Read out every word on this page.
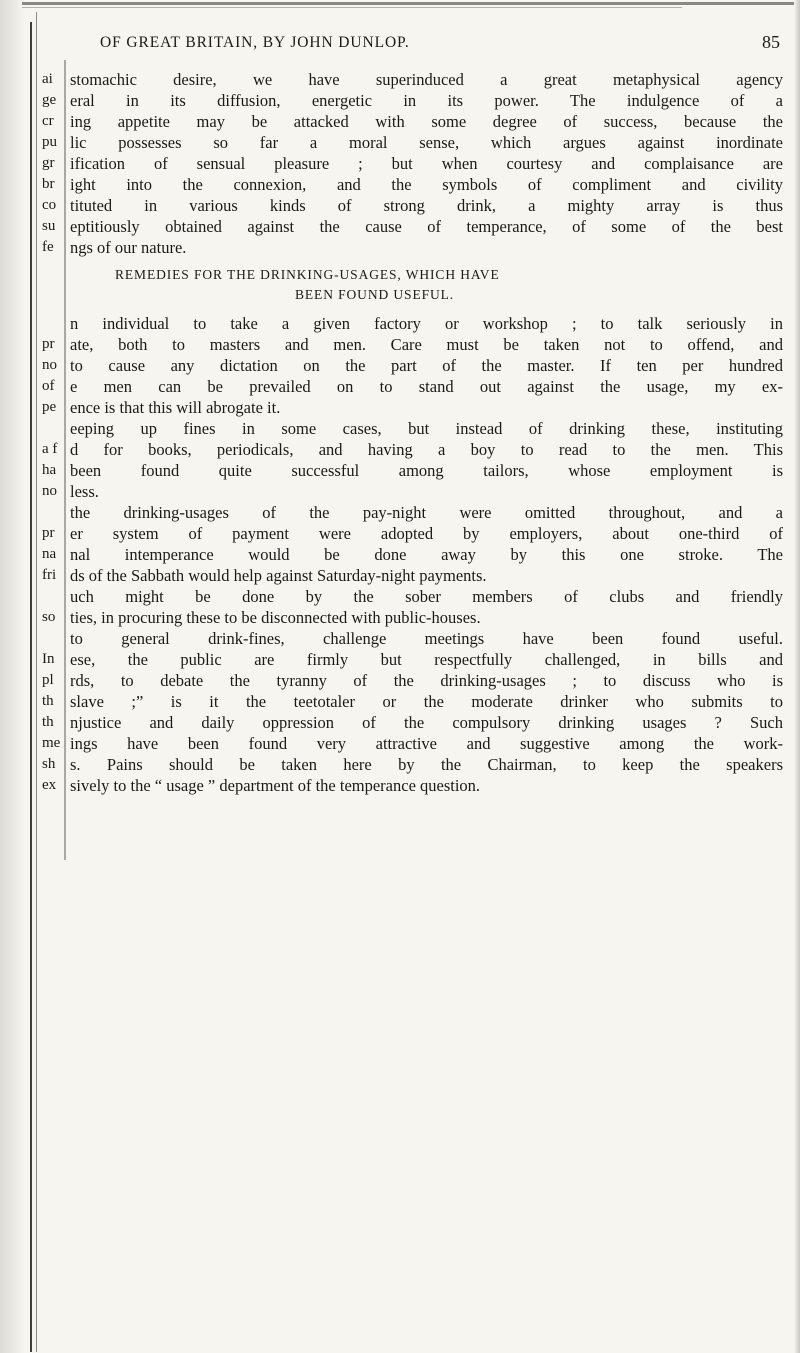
OF GREAT BRITAIN, BY JOHN DUNLOP.	85
ai
ge
cr
pu
gr
br
co
su
fe
pr
no
of
pe
a f
ha
no
pr
na
fri
so
In
pl
th
th
me
sh
ex
stomachic desire, we have superinduced a great metaphysical agency
eral in its diffusion, energetic in its power. The indulgence of a
ing appetite may be attacked with some degree of success, because the
lic possesses so far a moral sense, which argues against inordinate
ification of sensual pleasure ; but when courtesy and complaisance are
ight into the connexion, and the symbols of compliment and civility
tituted in various kinds of strong drink, a mighty array is thus
eptitiously obtained against the cause of temperance, of some of the best
ngs of our nature.
REMEDIES FOR THE DRINKING-USAGES, WHICH HAVE
BEEN FOUND USEFUL.
n individual to take a given factory or workshop ; to talk seriously in
ate, both to masters and men. Care must be taken not to offend, and
to cause any dictation on the part of the master. If ten per hundred
e men can be prevailed on to stand out against the usage, my ex-
ence is that this will abrogate it.
eeping up fines in some cases, but instead of drinking these, instituting
d for books, periodicals, and having a boy to read to the men. This
been found quite successful among tailors, whose employment is
less.
the drinking-usages of the pay-night were omitted throughout, and a
er system of payment were adopted by employers, about one-third of
nal intemperance would be done away by this one stroke. The
ds of the Sabbath would help against Saturday-night payments.
uch might be done by the sober members of clubs and friendly
ties, in procuring these to be disconnected with public-houses.
to general drink-fines, challenge meetings have been found useful.
ese, the public are firmly but respectfully challenged, in bills and
rds, to debate the tyranny of the drinking-usages ; to discuss who is
slave ;” is it the teetotaler or the moderate drinker who submits to
njustice and daily oppression of the compulsory drinking usages ? Such
ings have been found very attractive and suggestive among the work-
s. Pains should be taken here by the Chairman, to keep the speakers
sively to the “ usage ” department of the temperance question.
